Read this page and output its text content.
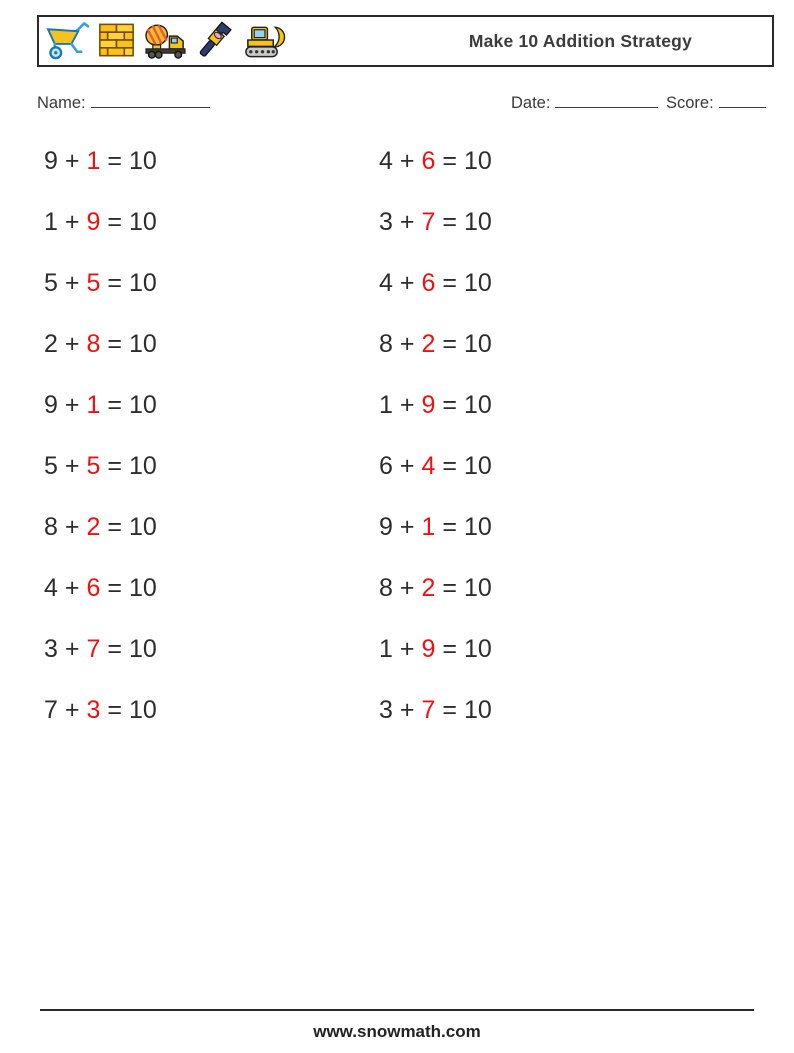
Make 10 Addition Strategy
Name:	Date:	Score:
9 + 1 = 10
1 + 9 = 10
5 + 5 = 10
2 + 8 = 10
9 + 1 = 10
5 + 5 = 10
8 + 2 = 10
4 + 6 = 10
3 + 7 = 10
7 + 3 = 10
4 + 6 = 10
3 + 7 = 10
4 + 6 = 10
8 + 2 = 10
1 + 9 = 10
6 + 4 = 10
9 + 1 = 10
8 + 2 = 10
1 + 9 = 10
3 + 7 = 10
www.snowmath.com
